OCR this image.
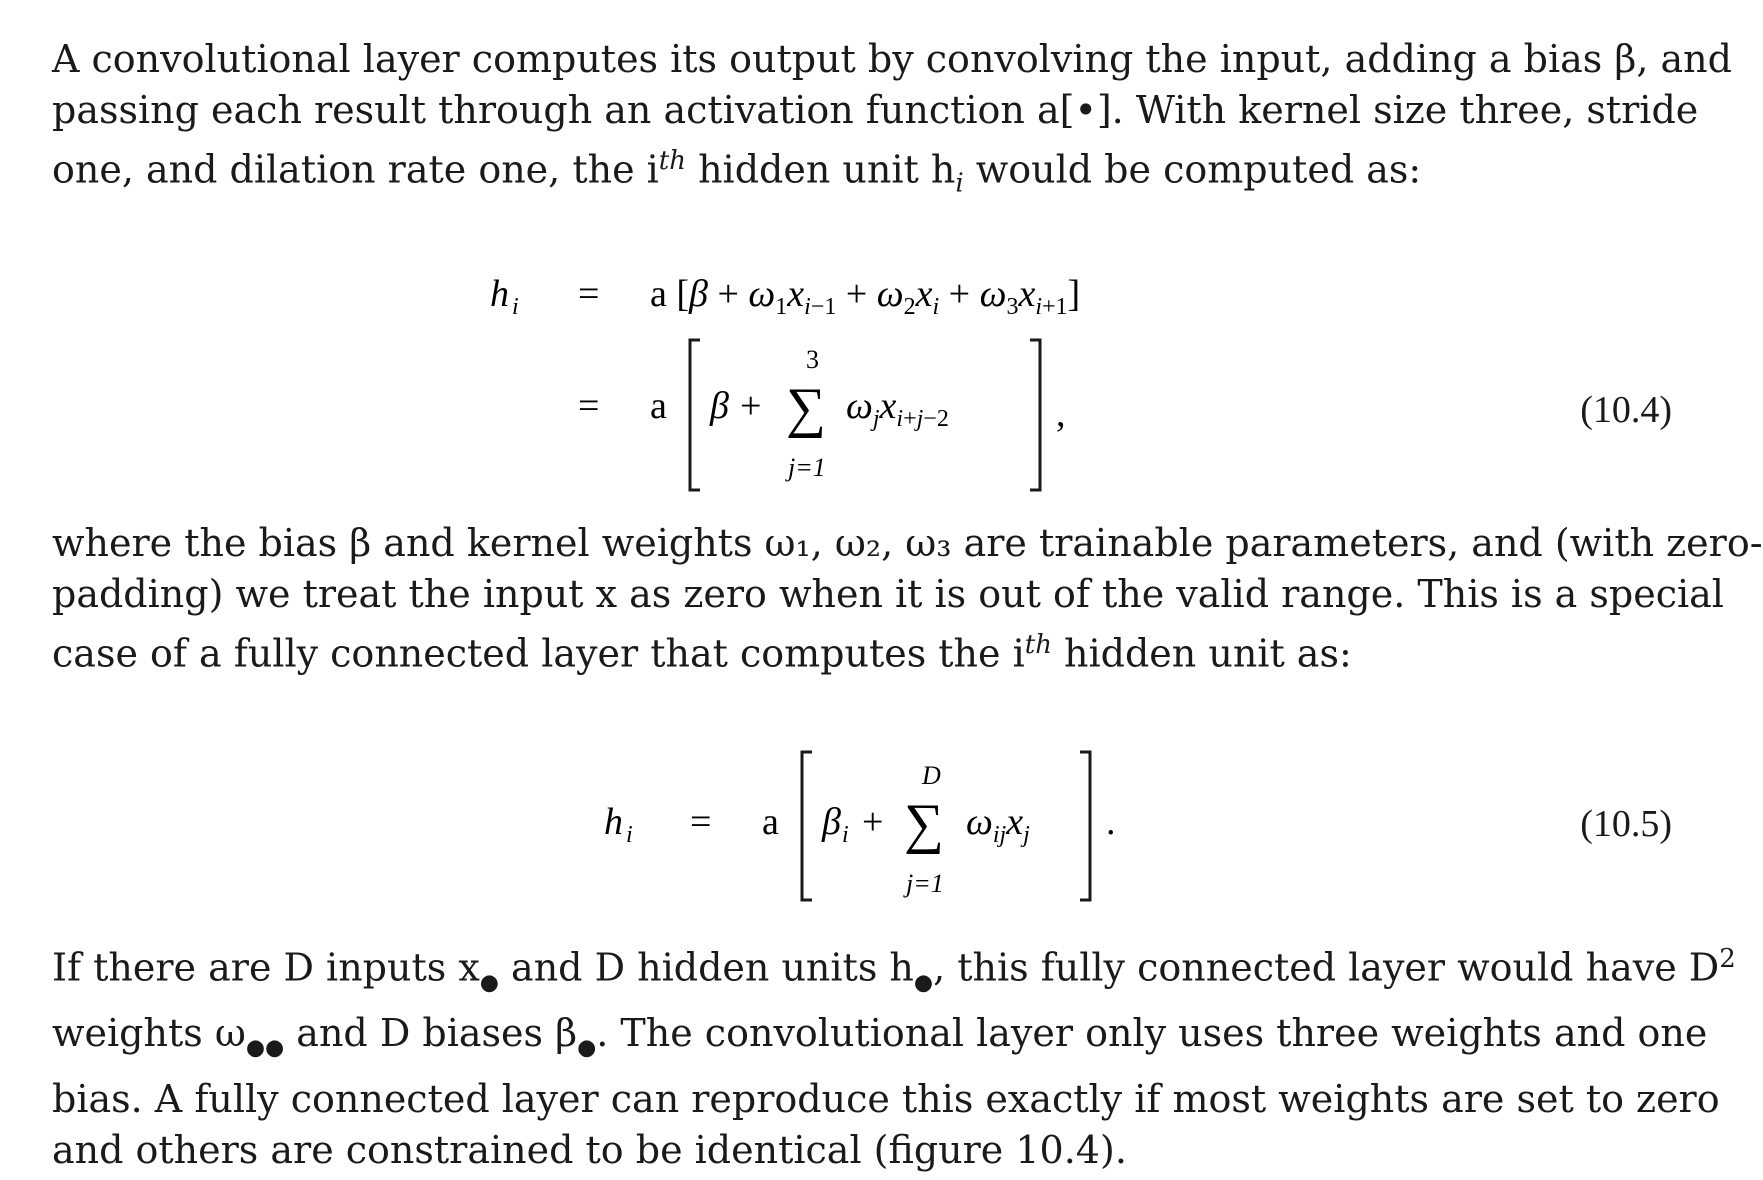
A convolutional layer computes its output by convolving the input, adding a bias β, and
passing each result through an activation function a[•]. With kernel size three, stride
one, and dilation rate one, the $i^{th}$ hidden unit $h_i$ would be computed as:
h i = a $[\beta + \omega_1x_i-1 + \omega_2x_i + \omega_3x_i+1]$
= a β + ∑
3
j=1
$\omega_jx_i+j-2$	,	(10.4)
where the bias β and kernel weights ω₁, ω₂, ω₃ are trainable parameters, and (with zero-
padding) we treat the input x as zero when it is out of the valid range. This is a special
case of a fully connected layer that computes the $i^{th}$ hidden unit as:
h i = a β i + ∑
D
j=1
$\omega_{ij}x_j$ .	(10.5)
If there are D inputs $x_●$ and D hidden units $h_●$, this fully connected layer would have $D^2$
weights $\omega_{●●}$ and D biases $\beta_●$. The convolutional layer only uses three weights and one
bias. A fully connected layer can reproduce this exactly if most weights are set to zero
and others are constrained to be identical (figure 10.4).
